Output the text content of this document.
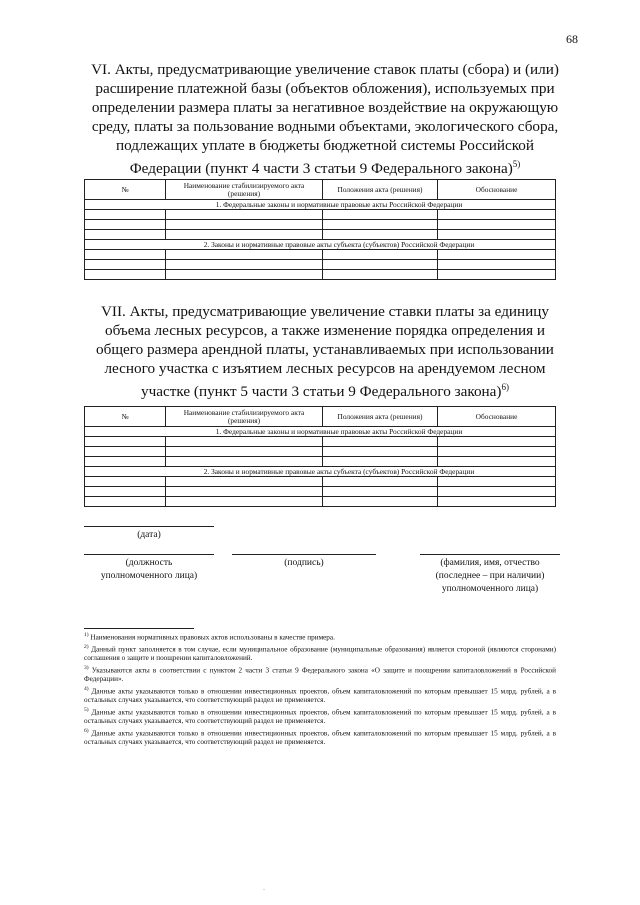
68
VI. Акты, предусматривающие увеличение ставок платы (сбора) и (или) расширение платежной базы (объектов обложения), используемых при определении размера платы за негативное воздействие на окружающую среду, платы за пользование водными объектами, экологического сбора, подлежащих уплате в бюджеты бюджетной системы Российской Федерации (пункт 4 части 3 статьи 9 Федерального закона)$^{5)}$
№	Наименование стабилизируемого акта (решения)	Положения акта (решения)	Обоснование
1. Федеральные законы и нормативные правовые акты Российской Федерации			

2. Законы и нормативные правовые акты субъекта (субъектов) Российской Федерации			

VII. Акты, предусматривающие увеличение ставки платы за единицу объема лесных ресурсов, а также изменение порядка определения и общего размера арендной платы, устанавливаемых при использовании лесного участка с изъятием лесных ресурсов на арендуемом лесном участке (пункт 5 части 3 статьи 9 Федерального закона)$^{6)}$
№	Наименование стабилизируемого акта (решения)	Положения акта (решения)	Обоснование
1. Федеральные законы и нормативные правовые акты Российской Федерации			

2. Законы и нормативные правовые акты субъекта (субъектов) Российской Федерации			

(дата)
(должность
уполномоченного лица)
(подпись)	(фамилия, имя, отчество
(последнее – при наличии)
уполномоченного лица)

$^{1)}$ Наименования нормативных правовых актов использованы в качестве примера.

$^{2)}$ Данный пункт заполняется в том случае, если муниципальное образование (муниципальные образования) является стороной (являются сторонами) соглашения о защите и поощрении капиталовложений.

$^{3)}$ Указываются акты в соответствии с пунктом 2 части 3 статьи 9 Федерального закона «О защите и поощрении капиталовложений в Российской Федерации».

$^{4)}$ Данные акты указываются только в отношении инвестиционных проектов, объем капиталовложений по которым превышает 15 млрд. рублей, а в остальных случаях указывается, что соответствующий раздел не применяется.

$^{5)}$ Данные акты указываются только в отношении инвестиционных проектов, объем капиталовложений по которым превышает 15 млрд. рублей, а в остальных случаях указывается, что соответствующий раздел не применяется.

$^{6)}$ Данные акты указываются только в отношении инвестиционных проектов, объем капиталовложений по которым превышает 15 млрд. рублей, а в остальных случаях указывается, что соответствующий раздел не применяется.

.
